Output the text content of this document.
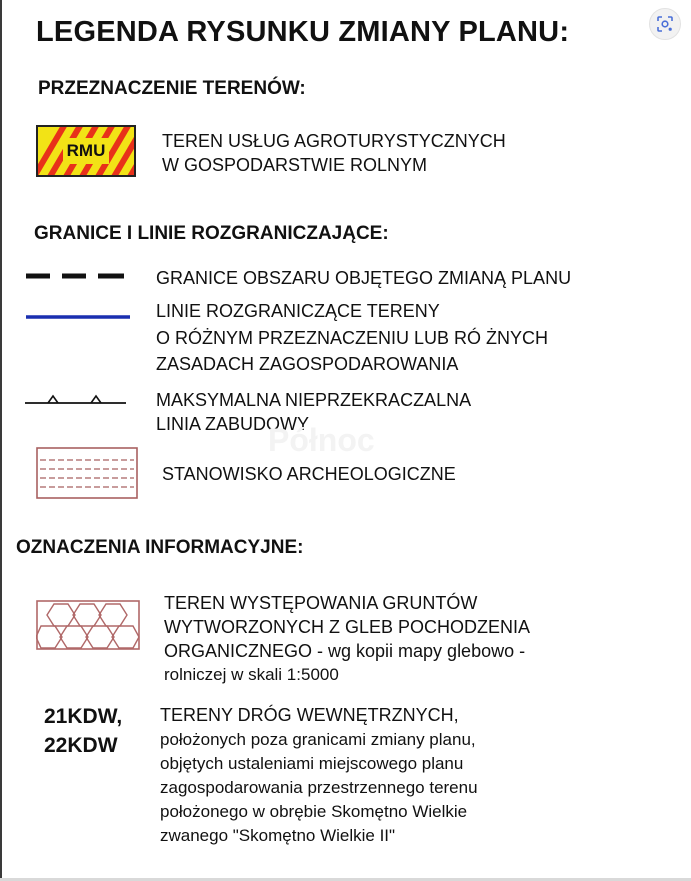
LEGENDA RYSUNKU ZMIANY PLANU:
PRZEZNACZENIE TERENÓW:
RMU	TEREN USŁUG AGROTURYSTYCZNYCH
W GOSPODARSTWIE ROLNYM
GRANICE I LINIE ROZGRANICZAJĄCE:
GRANICE OBSZARU OBJĘTEGO ZMIANĄ PLANU
LINIE ROZGRANICZĄCE TERENY
O RÓŻNYM PRZEZNACZENIU LUB RÓ ŻNYCH
ZASADACH ZAGOSPODAROWANIA
MAKSYMALNA NIEPRZEKRACZALNA
LINIA ZABUDOWY
Północ
STANOWISKO ARCHEOLOGICZNE
OZNACZENIA INFORMACYJNE:
TEREN WYSTĘPOWANIA GRUNTÓW
WYTWORZONYCH Z GLEB POCHODZENIA
ORGANICZNEGO - wg kopii mapy glebowo -
rolniczej w skali 1:5000
21KDW,
22KDW
TERENY DRÓG WEWNĘTRZNYCH,
położonych poza granicami zmiany planu,
objętych ustaleniami miejscowego planu
zagospodarowania przestrzennego terenu
położonego w obrębie Skomętno Wielkie
zwanego "Skomętno Wielkie II"
